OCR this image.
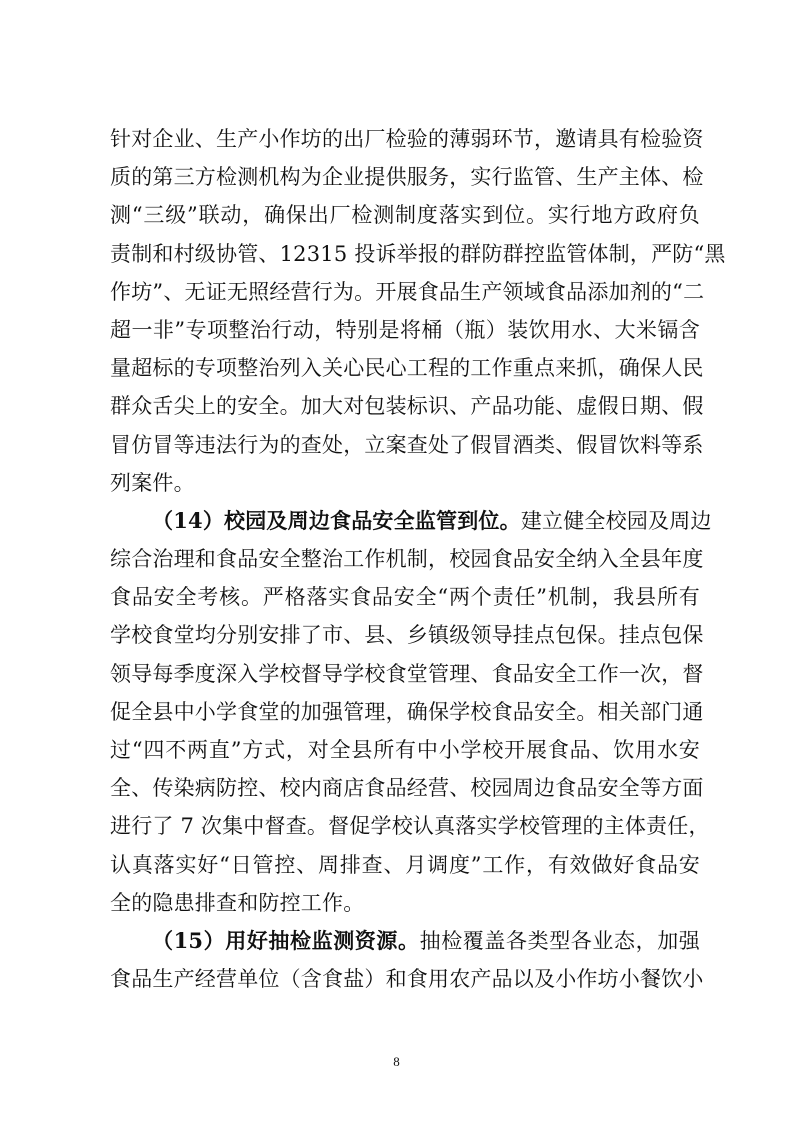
针对企业、生产小作坊的出厂检验的薄弱环节，邀请具有检验资
质的第三方检测机构为企业提供服务，实行监管、生产主体、检
测“三级”联动，确保出厂检测制度落实到位。实行地方政府负
责制和村级协管、12315 投诉举报的群防群控监管体制，严防“黑
作坊”、无证无照经营行为。开展食品生产领域食品添加剂的“二
超一非”专项整治行动，特别是将桶（瓶）装饮用水、大米镉含
量超标的专项整治列入关心民心工程的工作重点来抓，确保人民
群众舌尖上的安全。加大对包装标识、产品功能、虚假日期、假
冒仿冒等违法行为的查处，立案查处了假冒酒类、假冒饮料等系
列案件。
（14）校园及周边食品安全监管到位。建立健全校园及周边
综合治理和食品安全整治工作机制，校园食品安全纳入全县年度
食品安全考核。严格落实食品安全“两个责任”机制，我县所有
学校食堂均分别安排了市、县、乡镇级领导挂点包保。挂点包保
领导每季度深入学校督导学校食堂管理、食品安全工作一次，督
促全县中小学食堂的加强管理，确保学校食品安全。相关部门通
过“四不两直”方式，对全县所有中小学校开展食品、饮用水安
全、传染病防控、校内商店食品经营、校园周边食品安全等方面
进行了 7 次集中督查。督促学校认真落实学校管理的主体责任，
认真落实好“日管控、周排查、月调度”工作，有效做好食品安
全的隐患排查和防控工作。
（15）用好抽检监测资源。抽检覆盖各类型各业态，加强
食品生产经营单位（含食盐）和食用农产品以及小作坊小餐饮小
8
